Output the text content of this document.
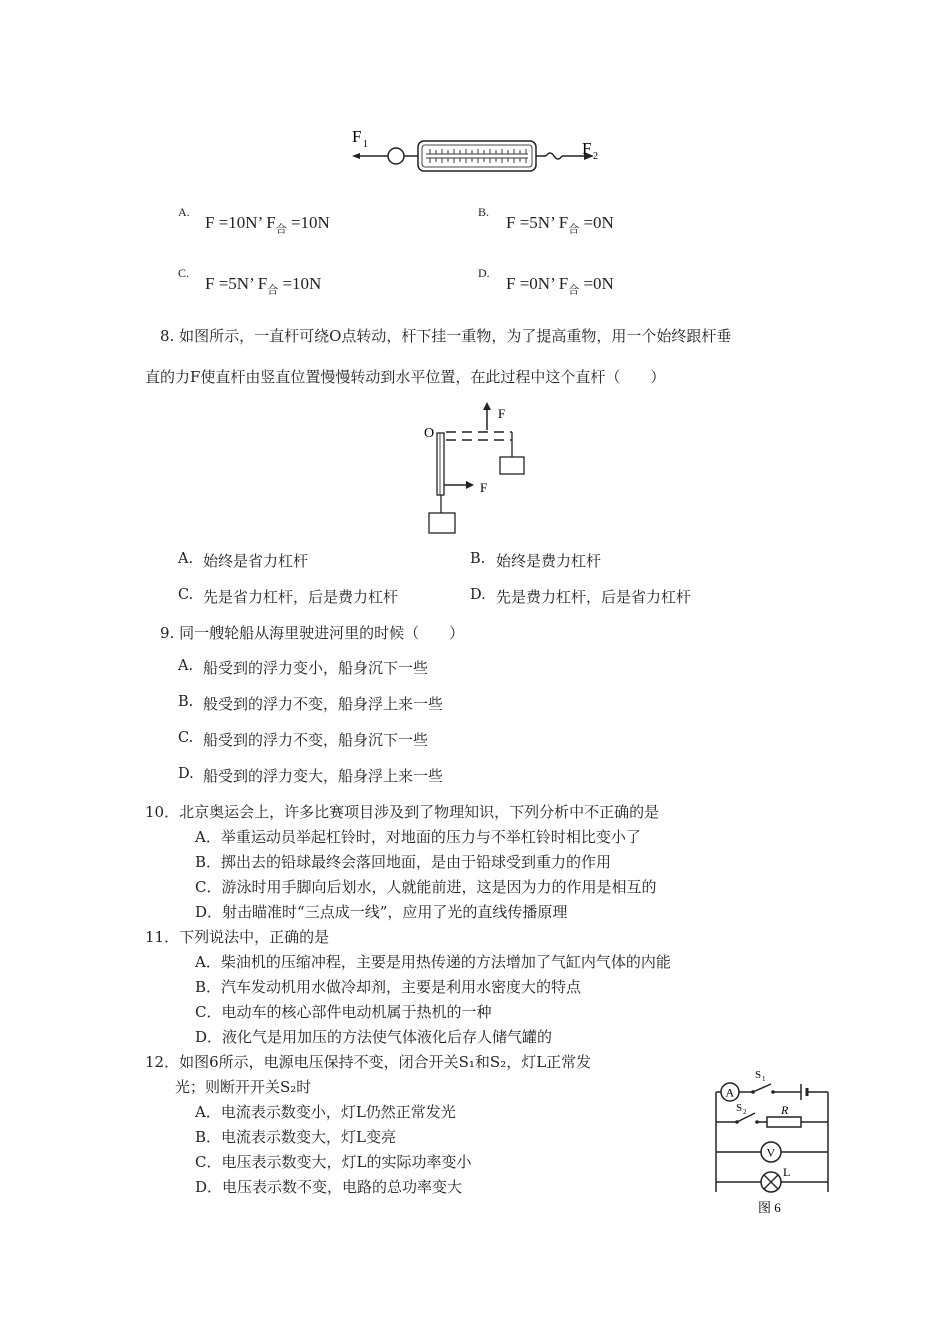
F 1	F 2
A.
F =10N’ $F_合 =10N$
B.
F =5N’ $F_合 =0N$
C.
F =5N’ $F_合 =10N$
D.
F =0N’ $F_合 =0N$
8. 如图所示，一直杆可绕O点转动，杆下挂一重物，为了提高重物，用一个始终跟杆垂
直的力F使直杆由竖直位置慢慢转动到水平位置，在此过程中这个直杆（　　）
O
F
F
A. 始终是省力杠杆	B. 始终是费力杠杆
C. 先是省力杠杆，后是费力杠杆	D. 先是费力杠杆，后是省力杠杆
9. 同一艘轮船从海里驶进河里的时候（　　）
A. 船受到的浮力变小，船身沉下一些
B. 般受到的浮力不变，船身浮上来一些
C. 船受到的浮力不变，船身沉下一些
D. 船受到的浮力变大，船身浮上来一些
10．北京奥运会上，许多比赛项目涉及到了物理知识，下列分析中不正确的是
A．举重运动员举起杠铃时，对地面的压力与不举杠铃时相比变小了
B．掷出去的铅球最终会落回地面，是由于铅球受到重力的作用
C．游泳时用手脚向后划水，人就能前进，这是因为力的作用是相互的
D．射击瞄准时“三点成一线”，应用了光的直线传播原理
11．下列说法中，正确的是
A．柴油机的压缩冲程，主要是用热传递的方法增加了气缸内气体的内能
B．汽车发动机用水做冷却剂，主要是利用水密度大的特点
C．电动车的核心部件电动机属于热机的一种
D．液化气是用加压的方法使气体液化后存人储气罐的
12．如图6所示，电源电压保持不变，闭合开关S₁和S₂，灯L正常发
光；则断开开关S₂时
A．电流表示数变小，灯L仍然正常发光
B．电流表示数变大，灯L变亮
C．电压表示数变大，灯L的实际功率变小
D．电压表示数不变，电路的总功率变大
A
S 1
S 2	R
V
L
图 6
